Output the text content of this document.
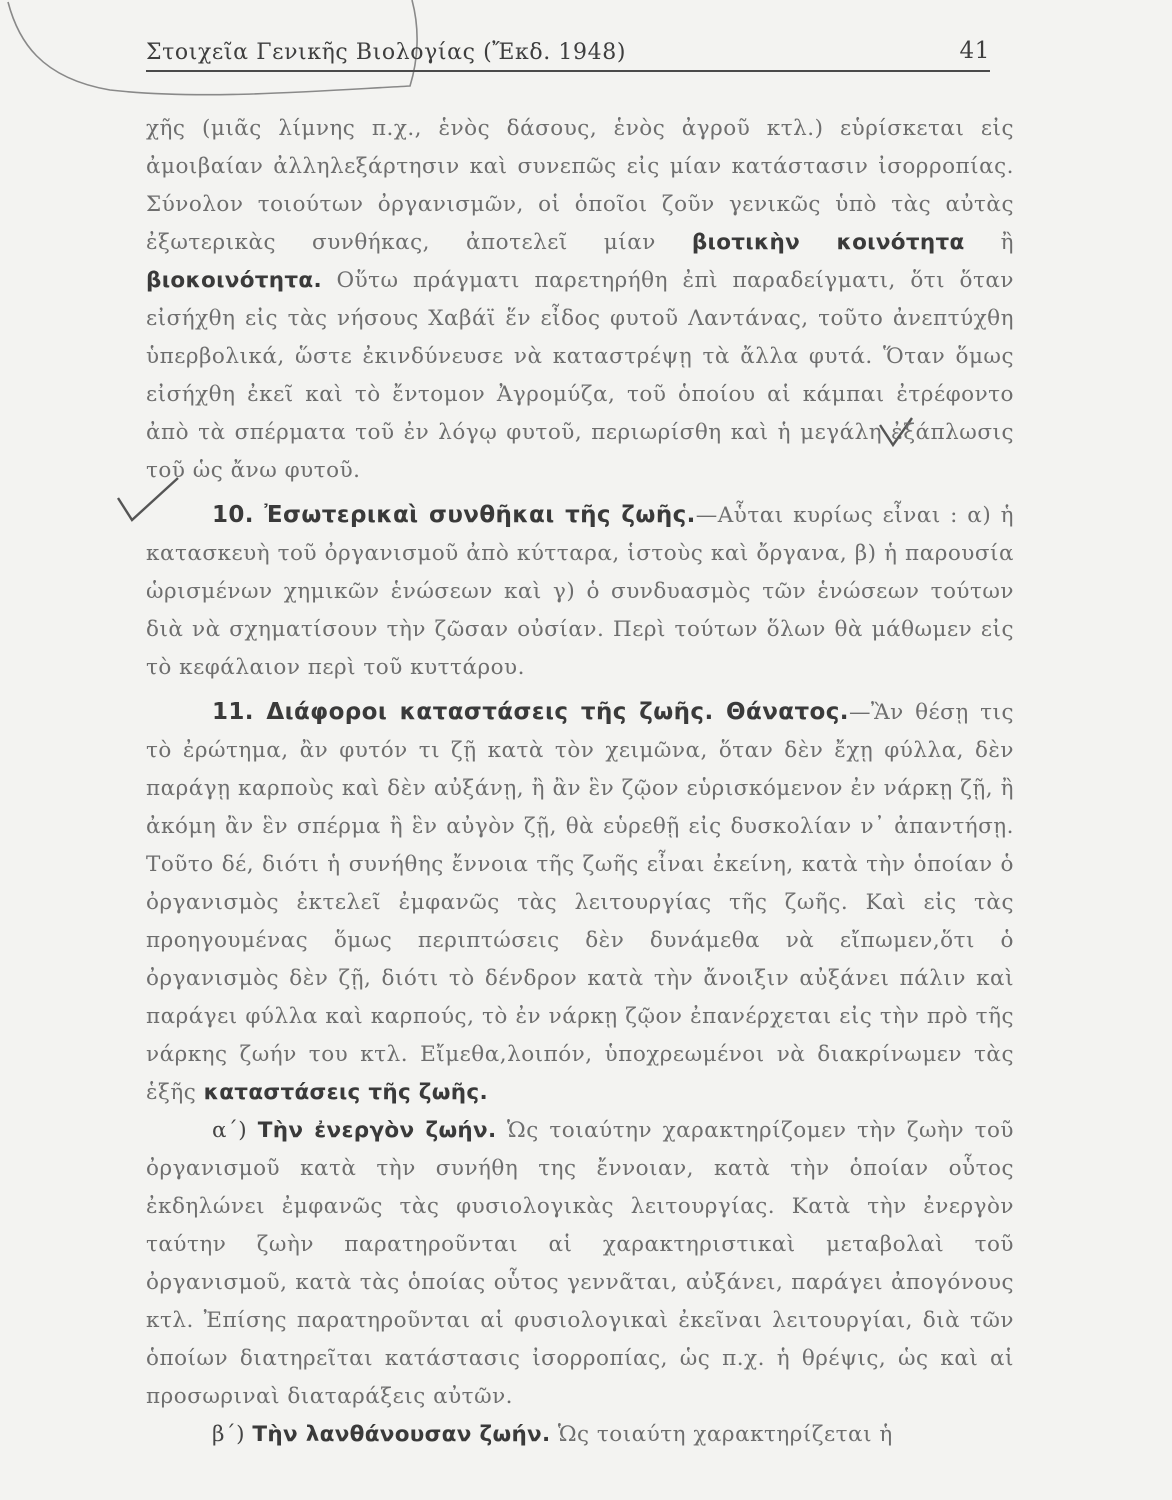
Στοιχεῖα Γενικῆς Βιολογίας (Ἔκδ. 1948)	41

χῆς (μιᾶς λίμνης π.χ., ἑνὸς δάσους, ἑνὸς ἀγροῦ κτλ.) εὑρίσκεται εἰς ἀμοιβαίαν ἀλληλεξάρτησιν καὶ συνεπῶς εἰς μίαν κατάστασιν ἰσορροπίας. Σύνολον τοιούτων ὀργανισμῶν, οἱ ὁποῖοι ζοῦν γενικῶς ὑπὸ τὰς αὐτὰς ἐξωτερικὰς συνθήκας, ἀποτελεῖ μίαν βιοτικὴν κοινότητα ἢ βιοκοινότητα. Οὕτω πράγματι παρετηρήθη ἐπὶ παραδείγματι, ὅτι ὅταν εἰσήχθη εἰς τὰς νήσους Χαβάϊ ἕν εἶδος φυτοῦ Λαντάνας, τοῦτο ἀνεπτύχθη ὑπερβολικά, ὥστε ἐκινδύνευσε νὰ καταστρέψῃ τὰ ἄλλα φυτά. Ὅταν ὅμως εἰσήχθη ἐκεῖ καὶ τὸ ἔντομον Ἀγρομύζα, τοῦ ὁποίου αἱ κάμπαι ἐτρέφοντο ἀπὸ τὰ σπέρματα τοῦ ἐν λόγῳ φυτοῦ, περιωρίσθη καὶ ἡ μεγάλη ἐξάπλωσις τοῦ ὡς ἄνω φυτοῦ.

10. Ἐσωτερικαὶ συνθῆκαι τῆς ζωῆς.—Αὗται κυρίως εἶναι : α) ἡ κατασκευὴ τοῦ ὀργανισμοῦ ἀπὸ κύτταρα, ἱστοὺς καὶ ὄργανα, β) ἡ παρουσία ὡρισμένων χημικῶν ἑνώσεων καὶ γ) ὁ συνδυασμὸς τῶν ἑνώσεων τούτων διὰ νὰ σχηματίσουν τὴν ζῶσαν οὐσίαν. Περὶ τούτων ὅλων θὰ μάθωμεν εἰς τὸ κεφάλαιον περὶ τοῦ κυττάρου.

11. Διάφοροι καταστάσεις τῆς ζωῆς. Θάνατος.—Ἂν θέσῃ τις τὸ ἐρώτημα, ἂν φυτόν τι ζῇ κατὰ τὸν χειμῶνα, ὅταν δὲν ἔχῃ φύλλα, δὲν παράγῃ καρποὺς καὶ δὲν αὐξάνῃ, ἢ ἂν ἓν ζῷον εὑρισκόμενον ἐν νάρκῃ ζῇ, ἢ ἀκόμη ἂν ἓν σπέρμα ἢ ἓν αὐγὸν ζῇ, θὰ εὑρεθῇ εἰς δυσκολίαν ν᾽ ἀπαντήσῃ. Τοῦτο δέ, διότι ἡ συνήθης ἔννοια τῆς ζωῆς εἶναι ἐκείνη, κατὰ τὴν ὁποίαν ὁ ὀργανισμὸς ἐκτελεῖ ἐμφανῶς τὰς λειτουργίας τῆς ζωῆς. Καὶ εἰς τὰς προηγουμένας ὅμως περιπτώσεις δὲν δυνάμεθα νὰ εἴπωμεν,ὅτι ὁ ὀργανισμὸς δὲν ζῇ, διότι τὸ δένδρον κατὰ τὴν ἄνοιξιν αὐξάνει πάλιν καὶ παράγει φύλλα καὶ καρπούς, τὸ ἐν νάρκῃ ζῷον ἐπανέρχεται εἰς τὴν πρὸ τῆς νάρκης ζωήν του κτλ. Εἴμεθα,λοιπόν, ὑποχρεωμένοι νὰ διακρίνωμεν τὰς ἑξῆς καταστάσεις τῆς ζωῆς.

α´) Τὴν ἐνεργὸν ζωήν. Ὡς τοιαύτην χαρακτηρίζομεν τὴν ζωὴν τοῦ ὀργανισμοῦ κατὰ τὴν συνήθη της ἔννοιαν, κατὰ τὴν ὁποίαν οὗτος ἐκδηλώνει ἐμφανῶς τὰς φυσιολογικὰς λειτουργίας. Κατὰ τὴν ἐνεργὸν ταύτην ζωὴν παρατηροῦνται αἱ χαρακτηριστικαὶ μεταβολαὶ τοῦ ὀργανισμοῦ, κατὰ τὰς ὁποίας οὗτος γεννᾶται, αὐξάνει, παράγει ἀπογόνους κτλ. Ἐπίσης παρατηροῦνται αἱ φυσιολογικαὶ ἐκεῖναι λειτουργίαι, διὰ τῶν ὁποίων διατηρεῖται κατάστασις ἰσορροπίας, ὡς π.χ. ἡ θρέψις, ὡς καὶ αἱ προσωριναὶ διαταράξεις αὐτῶν.

β´) Τὴν λανθάνουσαν ζωήν. Ὡς τοιαύτη χαρακτηρίζεται ἡ
